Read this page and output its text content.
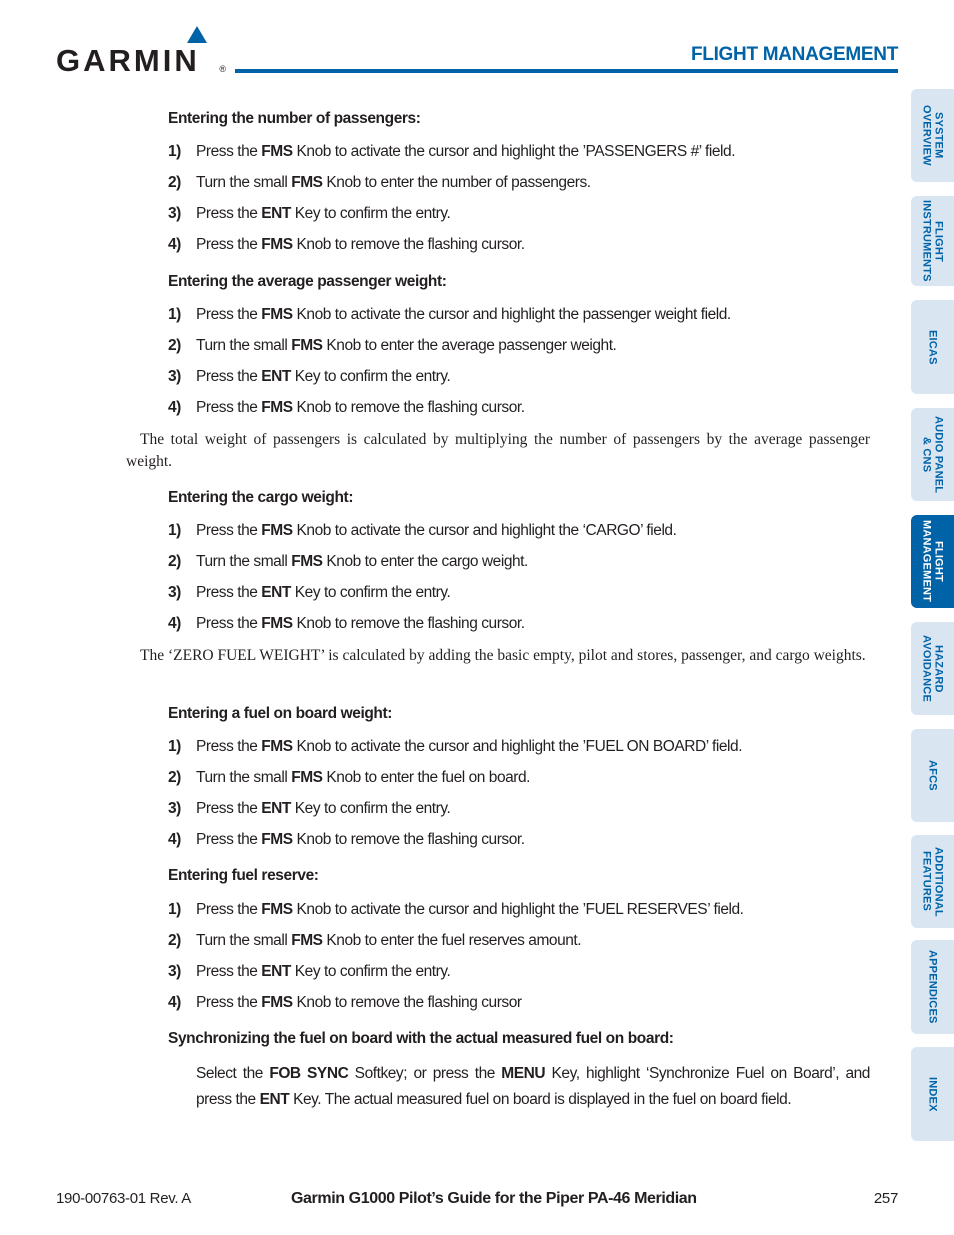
GARMIN ®
FLIGHT MANAGEMENT
Entering the number of passengers:
1) Press the FMS Knob to activate the cursor and highlight the ’PASSENGERS #’ field.
2) Turn the small FMS Knob to enter the number of passengers.
3) Press the ENT Key to confirm the entry.
4) Press the FMS Knob to remove the flashing cursor.
Entering the average passenger weight:
1) Press the FMS Knob to activate the cursor and highlight the passenger weight field.
2) Turn the small FMS Knob to enter the average passenger weight.
3) Press the ENT Key to confirm the entry.
4) Press the FMS Knob to remove the flashing cursor.
The total weight of passengers is calculated by multiplying the number of passengers by the average passenger weight.
Entering the cargo weight:
1) Press the FMS Knob to activate the cursor and highlight the ‘CARGO’ field.
2) Turn the small FMS Knob to enter the cargo weight.
3) Press the ENT Key to confirm the entry.
4) Press the FMS Knob to remove the flashing cursor.
The ‘ZERO FUEL WEIGHT’ is calculated by adding the basic empty, pilot and stores, passenger, and cargo weights.
Entering a fuel on board weight:
1) Press the FMS Knob to activate the cursor and highlight the ’FUEL ON BOARD’ field.
2) Turn the small FMS Knob to enter the fuel on board.
3) Press the ENT Key to confirm the entry.
4) Press the FMS Knob to remove the flashing cursor.
Entering fuel reserve:
1) Press the FMS Knob to activate the cursor and highlight the ’FUEL RESERVES’ field.
2) Turn the small FMS Knob to enter the fuel reserves amount.
3) Press the ENT Key to confirm the entry.
4) Press the FMS Knob to remove the flashing cursor
Synchronizing the fuel on board with the actual measured fuel on board:
Select the FOB SYNC Softkey; or press the MENU Key, highlight ‘Synchronize Fuel on Board’, and press the ENT Key. The actual measured fuel on board is displayed in the fuel on board field.
SYSTEM
OVERVIEW
FLIGHT
INSTRUMENTS
EICAS
AUDIO PANEL
& CNS
FLIGHT
MANAGEMENT
HAZARD
AVOIDANCE
AFCS
ADDITIONAL
FEATURES
APPENDICES
INDEX
190-00763-01 Rev. A	Garmin G1000 Pilot’s Guide for the Piper PA-46 Meridian	257
